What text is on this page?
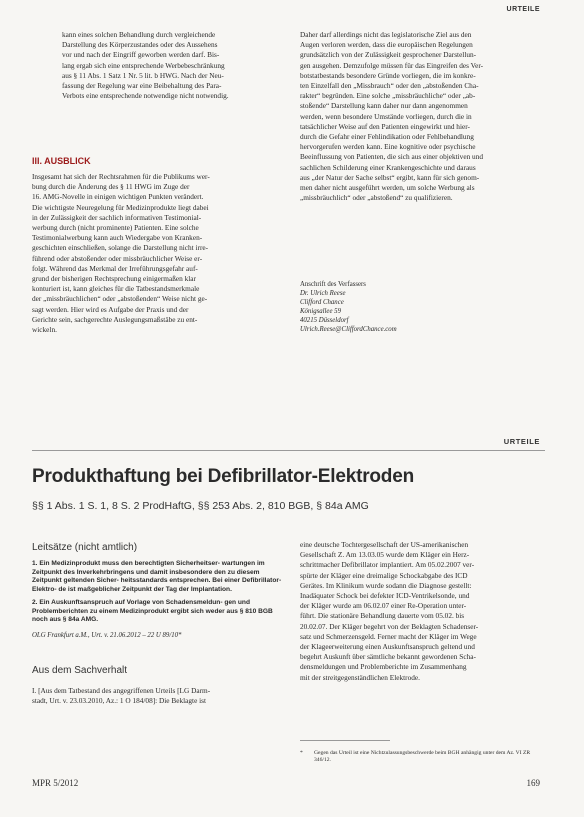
URTEILE
kann eines solchen Behandlung durch vergleichende
Darstellung des Körperzustandes oder des Aussehens
vor und nach der Eingriff geworben werden darf. Bis-
lang ergab sich eine entsprechende Werbebeschränkung
aus § 11 Abs. 1 Satz 1 Nr. 5 lit. b HWG. Nach der Neu-
fassung der Regelung war eine Beibehaltung des Para-
Verbots eine entsprechende notwendige nicht notwendig.
Daher darf allerdings nicht das legislatorische Ziel aus den
Augen verloren werden, dass die europäischen Regelungen
grundsätzlich von der Zulässigkeit gesprochener Darstellun-
gen ausgehen. Demzufolge müssen für das Eingreifen des Ver-
botstatbestands besondere Gründe vorliegen, die im konkre-
ten Einzelfall den „Missbrauch“ oder den „abstoßenden Cha-
rakter“ begründen. Eine solche „missbräuchliche“ oder „ab-
stoßende“ Darstellung kann daher nur dann angenommen
werden, wenn besondere Umstände vorliegen, durch die in
tatsächlicher Weise auf den Patienten eingewirkt und hier-
durch die Gefahr einer Fehlindikation oder Fehlbehandlung
hervorgerufen werden kann. Eine kognitive oder psychische
Beeinflussung von Patienten, die sich aus einer objektiven und
sachlichen Schilderung einer Krankengeschichte und daraus
aus „der Natur der Sache selbst“ ergibt, kann für sich genom-
men daher nicht ausgeführt werden, um solche Werbung als
„missbräuchlich“ oder „abstoßend“ zu qualifizieren.
III. AUSBLICK
Insgesamt hat sich der Rechtsrahmen für die Publikums wer-
bung durch die Änderung des § 11 HWG im Zuge der
16. AMG-Novelle in einigen wichtigen Punkten verändert.
Die wichtigste Neuregelung für Medizinprodukte liegt dabei
in der Zulässigkeit der sachlich informativen Testimonial-
werbung durch (nicht prominente) Patienten. Eine solche
Testimonialwerbung kann auch Wiedergabe von Kranken-
geschichten einschließen, solange die Darstellung nicht irre-
führend oder abstoßender oder missbräuchlicher Weise er-
folgt. Während das Merkmal der Irreführungsgefahr auf-
grund der bisherigen Rechtsprechung einigermaßen klar
konturiert ist, kann gleiches für die Tatbestandsmerkmale
der „missbräuchlichen“ oder „abstoßenden“ Weise nicht ge-
sagt werden. Hier wird es Aufgabe der Praxis und der
Gerichte sein, sachgerechte Auslegungsmaßstäbe zu ent-
wickeln.
Anschrift des Verfassers
Dr. Ulrich Reese
Clifford Chance
Königsallee 59
40215 Düsseldorf
Ulrich.Reese@CliffordChance.com
URTEILE
Produkthaftung bei Defibrillator-Elektroden
§§ 1 Abs. 1 S. 1, 8 S. 2 ProdHaftG, §§ 253 Abs. 2, 810 BGB, § 84a AMG
Leitsätze (nicht amtlich)

1. Ein Medizinprodukt muss den berechtigten Sicherheitser- wartungen im Zeitpunkt des Inverkehrbringens und damit insbesondere den zu diesem Zeitpunkt geltenden Sicher- heitsstandards entsprechen. Bei einer Defibrillator-Elektro- de ist maßgeblicher Zeitpunkt der Tag der Implantation.

2. Ein Auskunftsanspruch auf Vorlage von Schadensmeldun- gen und Problemberichten zu einem Medizinprodukt ergibt sich weder aus § 810 BGB noch aus § 84a AMG.

OLG Frankfurt a.M., Urt. v. 21.06.2012 – 22 U 89/10*
Aus dem Sachverhalt
I. [Aus dem Tatbestand des angegriffenen Urteils [LG Darm-
stadt, Urt. v. 23.03.2010, Az.: 1 O 184/08]: Die Beklagte ist
eine deutsche Tochtergesellschaft der US-amerikanischen
Gesellschaft Z. Am 13.03.05 wurde dem Kläger ein Herz-
schrittmacher Defibrillator implantiert. Am 05.02.2007 ver-
spürte der Kläger eine dreimalige Schockabgabe des ICD
Gerätes. Im Klinikum wurde sodann die Diagnose gestellt:
Inadäquater Schock bei defekter ICD-Ventrikelsonde, und
der Kläger wurde am 06.02.07 einer Re-Operation unter-
führt. Die stationäre Behandlung dauerte vom 05.02. bis
20.02.07. Der Kläger begehrt von der Beklagten Schadenser-
satz und Schmerzensgeld. Ferner macht der Kläger im Wege
der Klageerweiterung einen Auskunftsanspruch geltend und
begehrt Auskunft über sämtliche bekannt gewordenen Scha-
densmeldungen und Problemberichte im Zusammenhang
mit der streitgegenständlichen Elektrode.
*	Gegen das Urteil ist eine Nichtzulassungsbeschwerde beim BGH anhängig unter dem Az. VI ZR 346/12.
MPR 5/2012	169
